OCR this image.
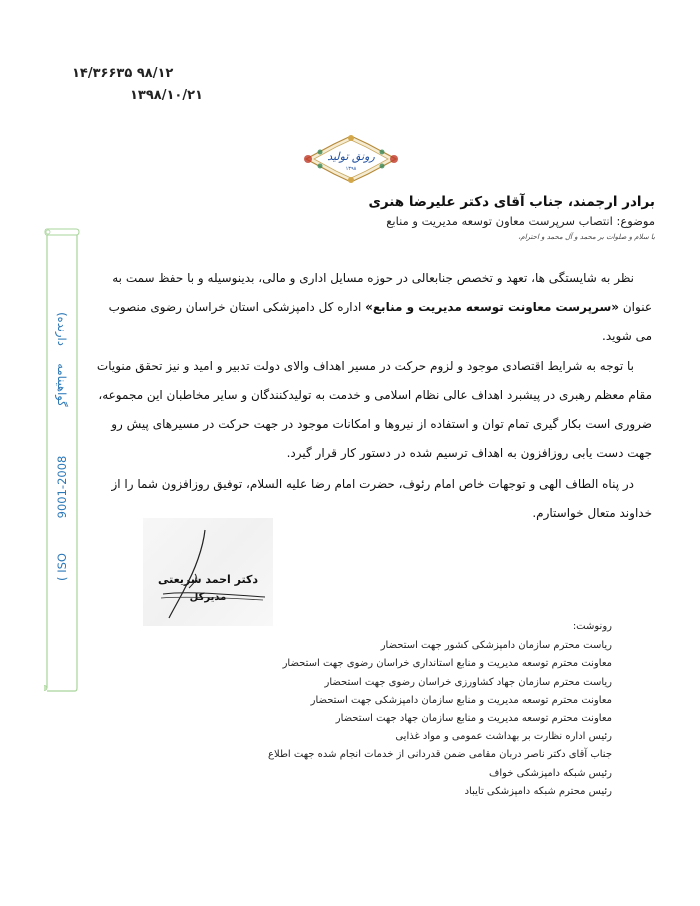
۹۸/۱۲ ۱۴/۳۶۶۳۵
۱۳۹۸/۱۰/۲۱
رونق تولید
۱۳۹۸
برادر ارجمند، جناب آقای دکتر علیرضا هنری
موضوع: انتصاب سرپرست معاون توسعه مدیریت و منابع
با سلام و صلوات بر محمد و آل محمد و احترام،
نظر به شایستگی ها، تعهد و تخصص جنابعالی در حوزه مسایل اداری و مالی، بدینوسیله و با حفظ سمت به عنوان «سرپرست معاونت توسعه مدیریت و منابع» اداره کل دامپزشکی استان خراسان رضوی منصوب می شوید.
با توجه به شرایط اقتصادی موجود و لزوم حرکت در مسیر اهداف والای دولت تدبیر و امید و نیز تحقق منویات مقام معظم رهبری در پیشبرد اهداف عالی نظام اسلامی و خدمت به تولیدکنندگان و سایر مخاطبان این مجموعه، ضروری است بکار گیری تمام توان و استفاده از نیروها و امکانات موجود در جهت حرکت در مسیرهای پیش رو جهت دست یابی روزافزون به اهداف ترسیم شده در دستور کار قرار گیرد.
در پناه الطاف الهی و توجهات خاص امام رئوف، حضرت امام رضا علیه السلام، توفیق روزافزون شما را از خداوند متعال خواستارم.
دکتر احمد شریعتی
مدیرکل
رونوشت:
ریاست محترم سازمان دامپزشکی کشور جهت استحضار
معاونت محترم توسعه مدیریت و منابع استانداری خراسان رضوی جهت استحضار
ریاست محترم سازمان جهاد کشاورزی خراسان رضوی جهت استحضار
معاونت محترم توسعه مدیریت و منابع سازمان دامپزشکی جهت استحضار
معاونت محترم توسعه مدیریت و منابع سازمان جهاد جهت استحضار
رئیس اداره نظارت بر بهداشت عمومی و مواد غذایی
جناب آقای دکتر ناصر دربان مقامی ضمن قدردانی از خدمات انجام شده جهت اطلاع
رئیس شبکه دامپزشکی خواف
رئیس محترم شبکه دامپزشکی تایباد
(دارنده
گواهینامه
9001-2008
( ISO
